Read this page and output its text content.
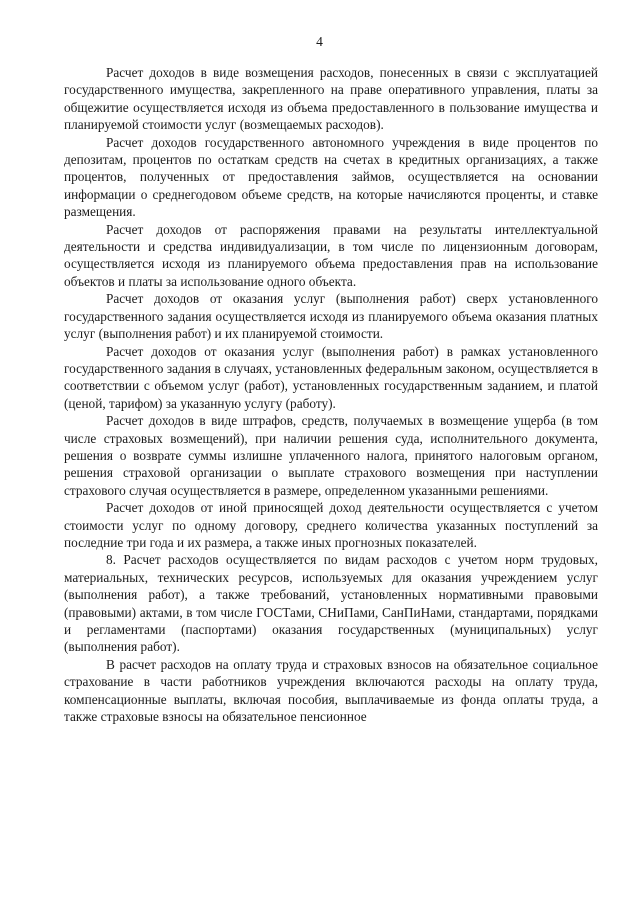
4

Расчет доходов в виде возмещения расходов, понесенных в связи с эксплуатацией государственного имущества, закрепленного на праве оперативного управления, платы за общежитие осуществляется исходя из объема предоставленного в пользование имущества и планируемой стоимости услуг (возмещаемых расходов).

Расчет доходов государственного автономного учреждения в виде процентов по депозитам, процентов по остаткам средств на счетах в кредитных организациях, а также процентов, полученных от предоставления займов, осуществляется на основании информации о среднегодовом объеме средств, на которые начисляются проценты, и ставке размещения.

Расчет доходов от распоряжения правами на результаты интеллектуальной деятельности и средства индивидуализации, в том числе по лицензионным договорам, осуществляется исходя из планируемого объема предоставления прав на использование объектов и платы за использование одного объекта.

Расчет доходов от оказания услуг (выполнения работ) сверх установленного государственного задания осуществляется исходя из планируемого объема оказания платных услуг (выполнения работ) и их планируемой стоимости.

Расчет доходов от оказания услуг (выполнения работ) в рамках установленного государственного задания в случаях, установленных федеральным законом, осуществляется в соответствии с объемом услуг (работ), установленных государственным заданием, и платой (ценой, тарифом) за указанную услугу (работу).

Расчет доходов в виде штрафов, средств, получаемых в возмещение ущерба (в том числе страховых возмещений), при наличии решения суда, исполнительного документа, решения о возврате суммы излишне уплаченного налога, принятого налоговым органом, решения страховой организации о выплате страхового возмещения при наступлении страхового случая осуществляется в размере, определенном указанными решениями.

Расчет доходов от иной приносящей доход деятельности осуществляется с учетом стоимости услуг по одному договору, среднего количества указанных поступлений за последние три года и их размера, а также иных прогнозных показателей.

8. Расчет расходов осуществляется по видам расходов с учетом норм трудовых, материальных, технических ресурсов, используемых для оказания учреждением услуг (выполнения работ), а также требований, установленных нормативными правовыми (правовыми) актами, в том числе ГОСТами, СНиПами, СанПиНами, стандартами, порядками и регламентами (паспортами) оказания государственных (муниципальных) услуг (выполнения работ).

В расчет расходов на оплату труда и страховых взносов на обязательное социальное страхование в части работников учреждения включаются расходы на оплату труда, компенсационные выплаты, включая пособия, выплачиваемые из фонда оплаты труда, а также страховые взносы на обязательное пенсионное
